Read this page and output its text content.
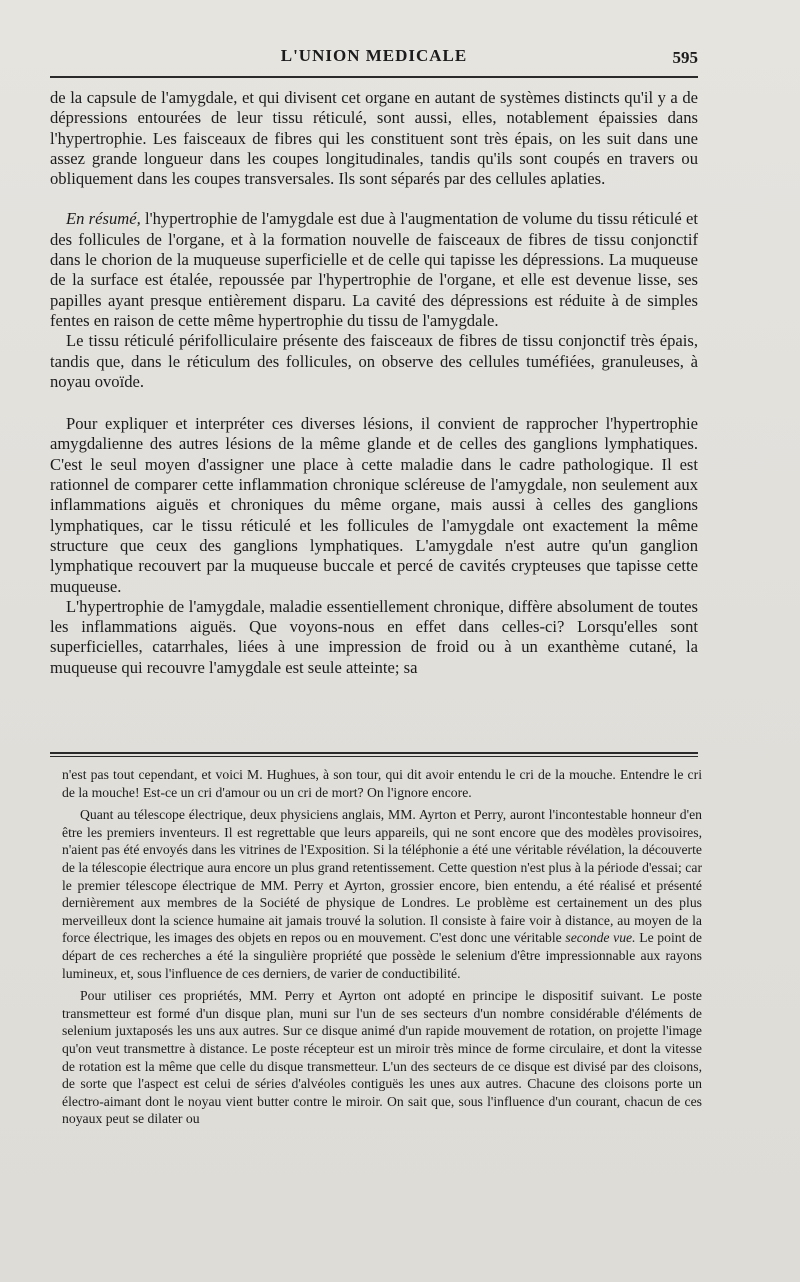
L'UNION MEDICALE	595

de la capsule de l'amygdale, et qui divisent cet organe en autant de systèmes distincts qu'il y a de dépressions entourées de leur tissu réticulé, sont aussi, elles, notablement épaissies dans l'hypertrophie. Les faisceaux de fibres qui les constituent sont très épais, on les suit dans une assez grande longueur dans les coupes longitudinales, tandis qu'ils sont coupés en travers ou obliquement dans les coupes transversales. Ils sont séparés par des cellules aplaties.

En résumé, l'hypertrophie de l'amygdale est due à l'augmentation de volume du tissu réticulé et des follicules de l'organe, et à la formation nouvelle de faisceaux de fibres de tissu conjonctif dans le chorion de la muqueuse superficielle et de celle qui tapisse les dépressions. La muqueuse de la surface est étalée, repoussée par l'hypertrophie de l'organe, et elle est devenue lisse, ses papilles ayant presque entièrement disparu. La cavité des dépressions est réduite à de simples fentes en raison de cette même hypertrophie du tissu de l'amygdale.

Le tissu réticulé périfolliculaire présente des faisceaux de fibres de tissu conjonctif très épais, tandis que, dans le réticulum des follicules, on observe des cellules tuméfiées, granuleuses, à noyau ovoïde.

Pour expliquer et interpréter ces diverses lésions, il convient de rapprocher l'hypertrophie amygdalienne des autres lésions de la même glande et de celles des ganglions lymphatiques. C'est le seul moyen d'assigner une place à cette maladie dans le cadre pathologique. Il est rationnel de comparer cette inflammation chronique scléreuse de l'amygdale, non seulement aux inflammations aiguës et chroniques du même organe, mais aussi à celles des ganglions lymphatiques, car le tissu réticulé et les follicules de l'amygdale ont exactement la même structure que ceux des ganglions lymphatiques. L'amygdale n'est autre qu'un ganglion lymphatique recouvert par la muqueuse buccale et percé de cavités crypteuses que tapisse cette muqueuse.

L'hypertrophie de l'amygdale, maladie essentiellement chronique, diffère absolument de toutes les inflammations aiguës. Que voyons-nous en effet dans celles-ci? Lorsqu'elles sont superficielles, catarrhales, liées à une impression de froid ou à un exanthème cutané, la muqueuse qui recouvre l'amygdale est seule atteinte; sa

n'est pas tout cependant, et voici M. Hughues, à son tour, qui dit avoir entendu le cri de la mouche. Entendre le cri de la mouche! Est-ce un cri d'amour ou un cri de mort? On l'ignore encore.

Quant au télescope électrique, deux physiciens anglais, MM. Ayrton et Perry, auront l'incontestable honneur d'en être les premiers inventeurs. Il est regrettable que leurs appareils, qui ne sont encore que des modèles provisoires, n'aient pas été envoyés dans les vitrines de l'Exposition. Si la téléphonie a été une véritable révélation, la découverte de la télescopie électrique aura encore un plus grand retentissement. Cette question n'est plus à la période d'essai; car le premier télescope électrique de MM. Perry et Ayrton, grossier encore, bien entendu, a été réalisé et présenté dernièrement aux membres de la Société de physique de Londres. Le problème est certainement un des plus merveilleux dont la science humaine ait jamais trouvé la solution. Il consiste à faire voir à distance, au moyen de la force électrique, les images des objets en repos ou en mouvement. C'est donc une véritable seconde vue. Le point de départ de ces recherches a été la singulière propriété que possède le selenium d'être impressionnable aux rayons lumineux, et, sous l'influence de ces derniers, de varier de conductibilité.

Pour utiliser ces propriétés, MM. Perry et Ayrton ont adopté en principe le dispositif suivant. Le poste transmetteur est formé d'un disque plan, muni sur l'un de ses secteurs d'un nombre considérable d'éléments de selenium juxtaposés les uns aux autres. Sur ce disque animé d'un rapide mouvement de rotation, on projette l'image qu'on veut transmettre à distance. Le poste récepteur est un miroir très mince de forme circulaire, et dont la vitesse de rotation est la même que celle du disque transmetteur. L'un des secteurs de ce disque est divisé par des cloisons, de sorte que l'aspect est celui de séries d'alvéoles contiguës les unes aux autres. Chacune des cloisons porte un électro-aimant dont le noyau vient butter contre le miroir. On sait que, sous l'influence d'un courant, chacun de ces noyaux peut se dilater ou
